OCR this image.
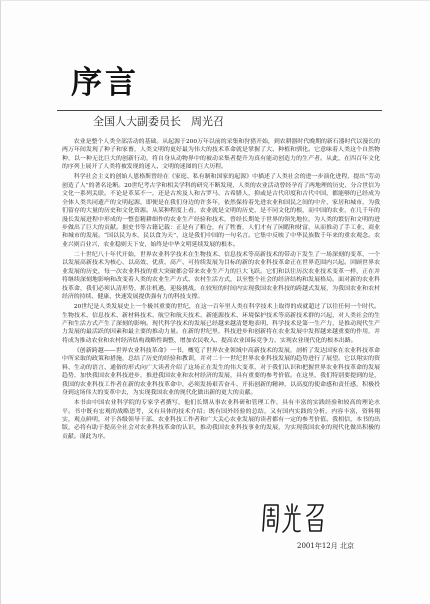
序言
全国人大副委员长 周光召

农业是整个人类全部活动的基础。从起源于200万年以前的采集和狩猎开始，到农耕器时代晚期的新石器时代以漫长的两万年间发现了种子和家畜，人类文明的更好最为伟大的技术革命就是掌握了大、种植和驯化。它意味着人类这个自然物种，以一种无比巨大的创新行动，将自身从动物界中的被动采集者提升为真有能动创造力的生产者。从此，在四百年文化的序列上展开了人类将被发现的迷人、文明的迷图的巨大历程。

科学社会主义的创始人恩格斯曾经在《家庭、私有制和国家的起源》中描述了人类社会的进一步演化进程，提出“劳动创造了人”的著名论断。20世纪考古学和相关学科的研究不断发现，人类的农业活动曾经孕育了两地理的历史、分合世信为文化一系列关联。不论是革某不一，还是古埃及人和古罗马、古希腊人，抑或是古代印度和古代中国，都能够的已经成为全体人类共同遗产的文明起源，即便是在我们身边的许多年，依然保持着先进农业和国民之间的中介，家居和城市，为我们留存的大量的历史和文化资源。从某种程度上看，农业就是文明的历史，是不同文化的根，而中国的农业，在几千年的漫长发展进程中形成的一整套精耕细作的农业生产经验和技术，曾经长期处于世界的领先地位，为人类的繁衍和文明的进步做出了巨大的贡献。据史书等古籍记载：正是有了粮仓，有了牲畜，人们才有了闲暇和财富，从而推动了手工业、商业和城市的发展。“国以民为本，民以食为天”，这是我们中国的一句名言。它集中反映了中华民族数千年来的重农观念。农业兴则百业兴，农业稳则天下安，始终是中华文明延续发展的根本。

二十世纪八十年代开始，世界农业科学技术在生物技术、信息技术等高新技术的带动下发生了一场深刻的变革，一个以发展高新技术为核心、以高效、优质、高产、可持续发展为目标的新的农业科技革命正在世界范围内兴起。回顾世界农业发展的历史，每一次农业科技的重大突破都会带来农业生产力的巨大飞跃。它们和以往历次农业技术变革一样，正在并将继续深刻地影响和改变着人类的农业生产方式、农村生活方式，以至整个社会的经济结构和发展格局。面对新的农业科技革命，我们必须认清形势，抓住机遇，迎接挑战，在较短的时间内实现我国农业科技的跨越式发展，为我国农业和农村经济的持续、健康、快速发展提供强有力的科技支撑。

20世纪是人类发展史上一个极其重要的世纪，在这一百年里人类在科学技术上取得的成就超过了以往任何一个时代。生物技术、信息技术、新材料技术、航空和航天技术、新能源技术、环境保护技术等高新技术群的兴起，对人类社会的生产和生活方式产生了深刻的影响。现代科学技术的发展已经越来越清楚地表明，科学技术是第一生产力，是推动现代生产力发展的最活跃的因素和最主要的推动力量。在新的世纪里，科技进步和创新将在农业发展中发挥越来越重要的作用，并将成为推动农业和农村经济结构战略性调整、增加农民收入、提高农业国际竞争力、实现农业现代化的根本出路。

《创新跨越——世界农业科技革命》一书，概览了世界农业领域中高新技术的发展，剖析了发达国家在农业科技革命中所采取的政策和措施，总结了历史的经验和教训，并对二十一世纪世界农业科技发展的趋势进行了展望。它以翔实的资料、生动的语言、通俗的形式向广大读者介绍了这场正在发生的伟大变革，对于我们认识和把握世界农业科技革命的发展趋势，加快我国农业科技进步，推进我国农业和农村经济的发展，具有重要的参考价值。在这里，我们特别要提到的是，我国的农业科技工作者在新的农业科技革命中，必须发扬艰苦奋斗、开拓创新的精神，以高度的使命感和责任感，积极投身到这场伟大的变革中去，为实现我国农业的现代化做出新的更大的贡献。

本书由中国农业科学院的专家学者撰写，他们长期从事农业科研和管理工作，具有丰富的实践经验和较高的理论水平。书中既有宏观的战略思考，又有具体的技术介绍；既有国外经验的总结，又有国内实践的分析，内容丰富，资料翔实，观点鲜明，对于各级领导干部、农业科技工作者和广大关心农业发展的读者都有一定的参考价值。我相信，本书的出版，必将有助于提高全社会对农业科技革命的认识，推动我国农业科技事业的发展，为实现我国农业的现代化做出积极的贡献。谨此为序。

2001年12月 北京
